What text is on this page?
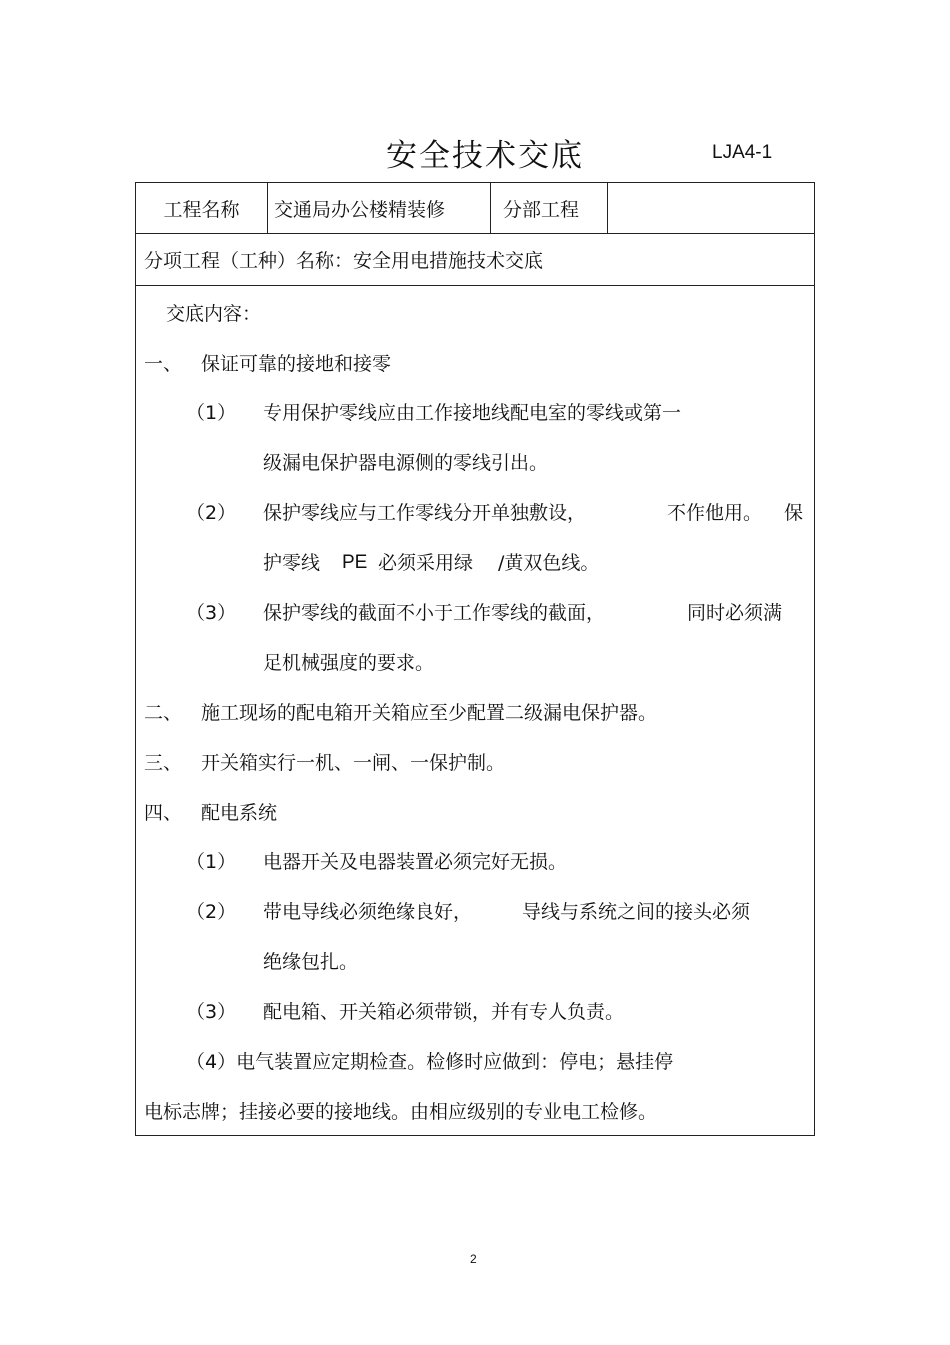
安全技术交底	LJA4-1
工程名称	交通局办公楼精装修	分部工程
分项工程（工种）名称：安全用电措施技术交底
交底内容：
一、 保证可靠的接地和接零
（1） 专用保护零线应由工作接地线配电室的零线或第一
级漏电保护器电源侧的零线引出。
（2） 保护零线应与工作零线分开单独敷设，	不作他用。 保
护零线 PE 必须采用绿 /黄双色线。
（3） 保护零线的截面不小于工作零线的截面，	同时必须满
足机械强度的要求。
二、 施工现场的配电箱开关箱应至少配置二级漏电保护器。
三、 开关箱实行一机、一闸、一保护制。
四、 配电系统
（1） 电器开关及电器装置必须完好无损。
（2） 带电导线必须绝缘良好，	导线与系统之间的接头必须
绝缘包扎。
（3） 配电箱、开关箱必须带锁，并有专人负责。
（4）电气装置应定期检查。检修时应做到：停电；悬挂停
电标志牌；挂接必要的接地线。由相应级别的专业电工检修。
2
